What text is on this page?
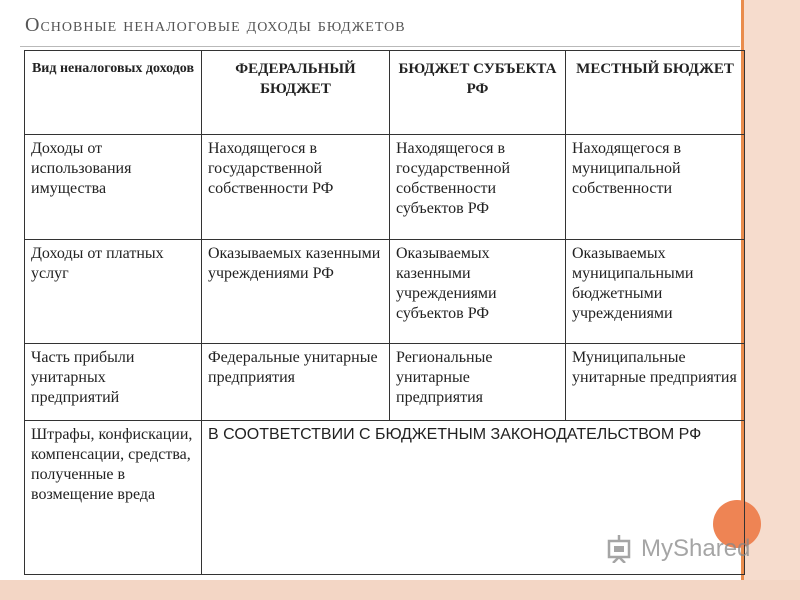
Основные неналоговые доходы бюджетов
Вид неналоговых доходов	ФЕДЕРАЛЬНЫЙ БЮДЖЕТ	БЮДЖЕТ СУБЪЕКТА РФ	МЕСТНЫЙ БЮДЖЕТ
Доходы от использования имущества	Находящегося в государственной собственности РФ	Находящегося в государственной собственности субъектов РФ	Находящегося в муниципальной собственности
Доходы от платных услуг	Оказываемых казенными учреждениями РФ	Оказываемых казенными учреждениями субъектов РФ	Оказываемых муниципальными бюджетными учреждениями
Часть прибыли унитарных предприятий	Федеральные унитарные предприятия	Региональные унитарные предприятия	Муниципальные унитарные предприятия
Штрафы, конфискации, компенсации, средства, полученные в возмещение вреда	В СООТВЕТСТВИИ С БЮДЖЕТНЫМ ЗАКОНОДАТЕЛЬСТВОМ РФ		
MyShared
